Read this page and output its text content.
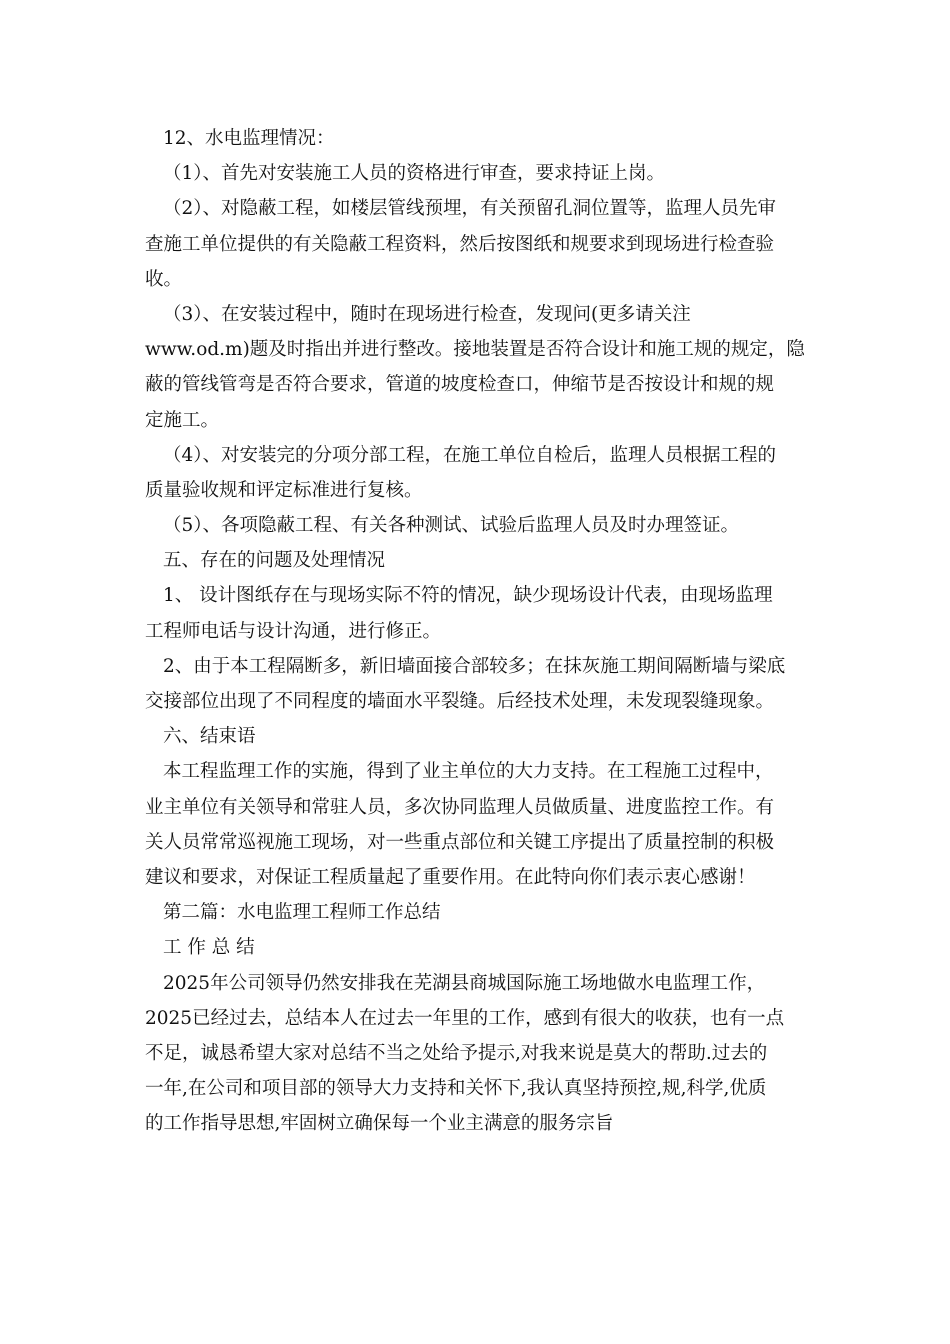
12、水电监理情况：
（1）、首先对安装施工人员的资格进行审查，要求持证上岗。
（2）、对隐蔽工程，如楼层管线预埋，有关预留孔洞位置等，监理人员先审
查施工单位提供的有关隐蔽工程资料，然后按图纸和规要求到现场进行检查验
收。
（3）、在安装过程中，随时在现场进行检查，发现问(更多请关注
www.od.m)题及时指出并进行整改。接地装置是否符合设计和施工规的规定，隐
蔽的管线管弯是否符合要求，管道的坡度检查口，伸缩节是否按设计和规的规
定施工。
（4）、对安装完的分项分部工程，在施工单位自检后，监理人员根据工程的
质量验收规和评定标准进行复核。
（5）、各项隐蔽工程、有关各种测试、试验后监理人员及时办理签证。
五、存在的问题及处理情况
1、 设计图纸存在与现场实际不符的情况，缺少现场设计代表，由现场监理
工程师电话与设计沟通，进行修正。
2、由于本工程隔断多，新旧墙面接合部较多；在抹灰施工期间隔断墙与梁底
交接部位出现了不同程度的墙面水平裂缝。后经技术处理，未发现裂缝现象。
六、结束语
本工程监理工作的实施，得到了业主单位的大力支持。在工程施工过程中，
业主单位有关领导和常驻人员，多次协同监理人员做质量、进度监控工作。有
关人员常常巡视施工现场，对一些重点部位和关键工序提出了质量控制的积极
建议和要求，对保证工程质量起了重要作用。在此特向你们表示衷心感谢！
第二篇：水电监理工程师工作总结
工 作 总 结
2025年公司领导仍然安排我在芜湖县商城国际施工场地做水电监理工作，
2025已经过去，总结本人在过去一年里的工作，感到有很大的收获，也有一点
不足，诚恳希望大家对总结不当之处给予提示,对我来说是莫大的帮助.过去的
一年,在公司和项目部的领导大力支持和关怀下,我认真坚持预控,规,科学,优质
的工作指导思想,牢固树立确保每一个业主满意的服务宗旨
